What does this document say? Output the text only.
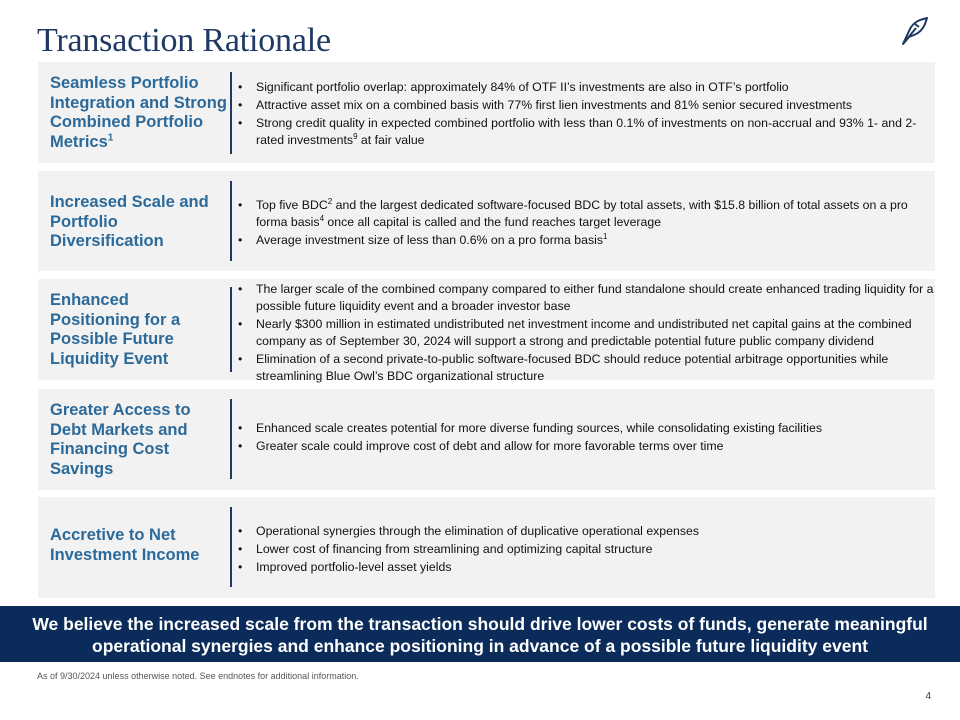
Transaction Rationale
Seamless Portfolio Integration and Strong Combined Portfolio Metrics$^1$
• Significant portfolio overlap: approximately 84% of OTF II’s investments are also in OTF’s portfolio
• Attractive asset mix on a combined basis with 77% first lien investments and 81% senior secured investments
• Strong credit quality in expected combined portfolio with less than 0.1% of investments on non-accrual and 93% 1- and 2-rated investments$^9$ at fair value
Increased Scale and Portfolio Diversification
• Top five BDC$^2$ and the largest dedicated software-focused BDC by total assets, with $15.8 billion of total assets on a pro forma basis$^4$ once all capital is called and the fund reaches target leverage
• Average investment size of less than 0.6% on a pro forma basis$^1$
Enhanced Positioning for a Possible Future Liquidity Event
• The larger scale of the combined company compared to either fund standalone should create enhanced trading liquidity for a possible future liquidity event and a broader investor base
• Nearly $300 million in estimated undistributed net investment income and undistributed net capital gains at the combined company as of September 30, 2024 will support a strong and predictable potential future public company dividend
• Elimination of a second private-to-public software-focused BDC should reduce potential arbitrage opportunities while streamlining Blue Owl’s BDC organizational structure
Greater Access to Debt Markets and Financing Cost Savings
• Enhanced scale creates potential for more diverse funding sources, while consolidating existing facilities
• Greater scale could improve cost of debt and allow for more favorable terms over time
Accretive to Net Investment Income
• Operational synergies through the elimination of duplicative operational expenses
• Lower cost of financing from streamlining and optimizing capital structure
• Improved portfolio-level asset yields
We believe the increased scale from the transaction should drive lower costs of funds, generate meaningful operational synergies and enhance positioning in advance of a possible future liquidity event
As of 9/30/2024 unless otherwise noted. See endnotes for additional information.
4
